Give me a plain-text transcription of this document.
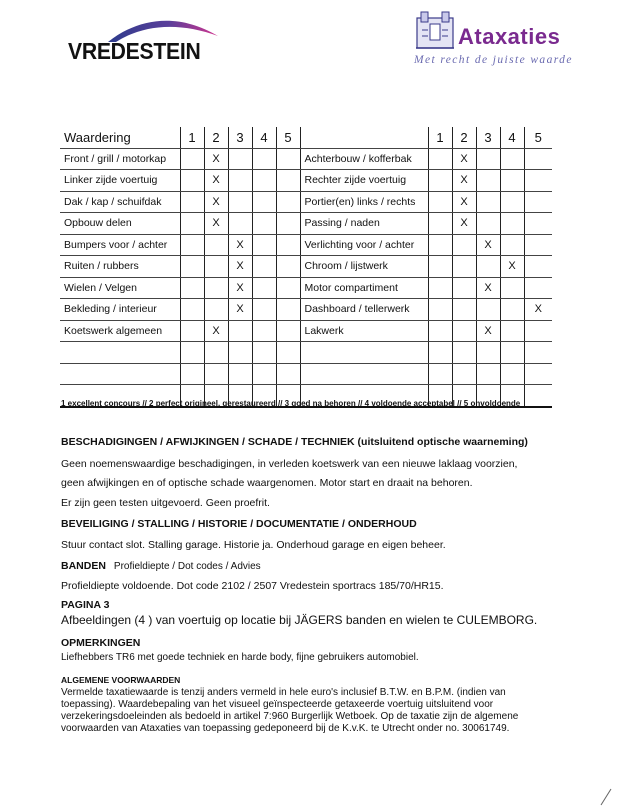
VREDESTEIN
Ataxaties
Met recht de juiste waarde
Waardering	1	2	3	4	5		1	2	3	4	5
Front / grill / motorkap		X				Achterbouw / kofferbak		X			
Linker zijde voertuig		X				Rechter zijde voertuig		X			
Dak / kap / schuifdak		X				Portier(en) links / rechts		X			
Opbouw delen		X				Passing / naden		X			
Bumpers voor / achter			X			Verlichting voor / achter			X		
Ruiten / rubbers			X			Chroom / lijstwerk				X	
Wielen / Velgen			X			Motor compartiment			X		
Bekleding / interieur			X			Dashboard / tellerwerk					X
Koetswerk algemeen		X				Lakwerk			X		

1 excellent concours // 2 perfect origineel, gerestaureerd // 3 goed na behoren // 4 voldoende acceptabel // 5 onvoldoende
BESCHADIGINGEN / AFWIJKINGEN / SCHADE / TECHNIEK (uitsluitend optische waarneming)
Geen noemenswaardige beschadigingen, in verleden koetswerk van een nieuwe laklaag voorzien,
geen afwijkingen en of optische schade waargenomen. Motor start en draait na behoren.
Er zijn geen testen uitgevoerd. Geen proefrit.
BEVEILIGING / STALLING / HISTORIE / DOCUMENTATIE / ONDERHOUD
Stuur contact slot. Stalling garage. Historie ja. Onderhoud garage en eigen beheer.
BANDEN Profieldiepte / Dot codes / Advies
Profieldiepte voldoende. Dot code 2102 / 2507 Vredestein sportracs 185/70/HR15.
PAGINA 3
Afbeeldingen (4 ) van voertuig op locatie bij JÄGERS banden en wielen te CULEMBORG.
OPMERKINGEN
Liefhebbers TR6 met goede techniek en harde body, fijne gebruikers automobiel.
ALGEMENE VOORWAARDEN
Vermelde taxatiewaarde is tenzij anders vermeld in hele euro's inclusief B.T.W. en B.P.M. (indien van
toepassing). Waardebepaling van het visueel geïnspecteerde getaxeerde voertuig uitsluitend voor
verzekeringsdoeleinden als bedoeld in artikel 7:960 Burgerlijk Wetboek. Op de taxatie zijn de algemene
voorwaarden van Ataxaties van toepassing gedeponeerd bij de K.v.K. te Utrecht onder no. 30061749.
